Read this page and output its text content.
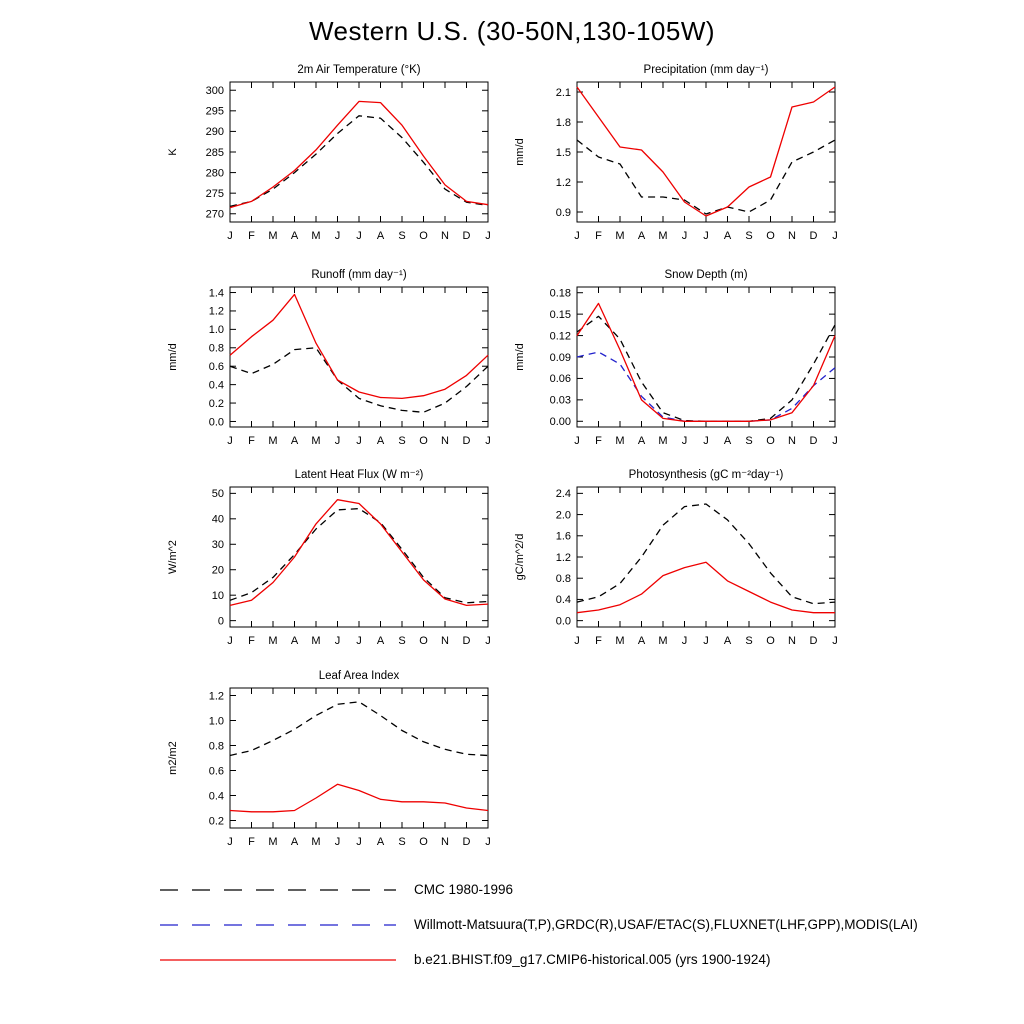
Western U.S. (30-50N,130-105W)
2m Air Temperature (°K)
K
270
275
280
285
290
295
300
J F M A M J J A S O N D J
Precipitation (mm day⁻¹)
mm/d
0.9
1.2
1.5
1.8
2.1
J F M A M J J A S O N D J
Runoff (mm day⁻¹)
mm/d
0.0
0.2
0.4
0.6
0.8
1.0
1.2
1.4
J F M A M J J A S O N D J
Snow Depth (m)
mm/d
0.00
0.03
0.06
0.09
0.12
0.15
0.18
J F M A M J J A S O N D J
Latent Heat Flux (W m⁻²)
W/m^2
0
10
20
30
40
50
J F M A M J J A S O N D J
Photosynthesis (gC m⁻²day⁻¹)
gC/m^2/d
0.0
0.4
0.8
1.2
1.6
2.0
2.4
J F M A M J J A S O N D J
Leaf Area Index
m2/m2
0.2
0.4
0.6
0.8
1.0
1.2
J F M A M J J A S O N D J
CMC 1980-1996
Willmott-Matsuura(T,P),GRDC(R),USAF/ETAC(S),FLUXNET(LHF,GPP),MODIS(LAI)
b.e21.BHIST.f09_g17.CMIP6-historical.005 (yrs 1900-1924)
